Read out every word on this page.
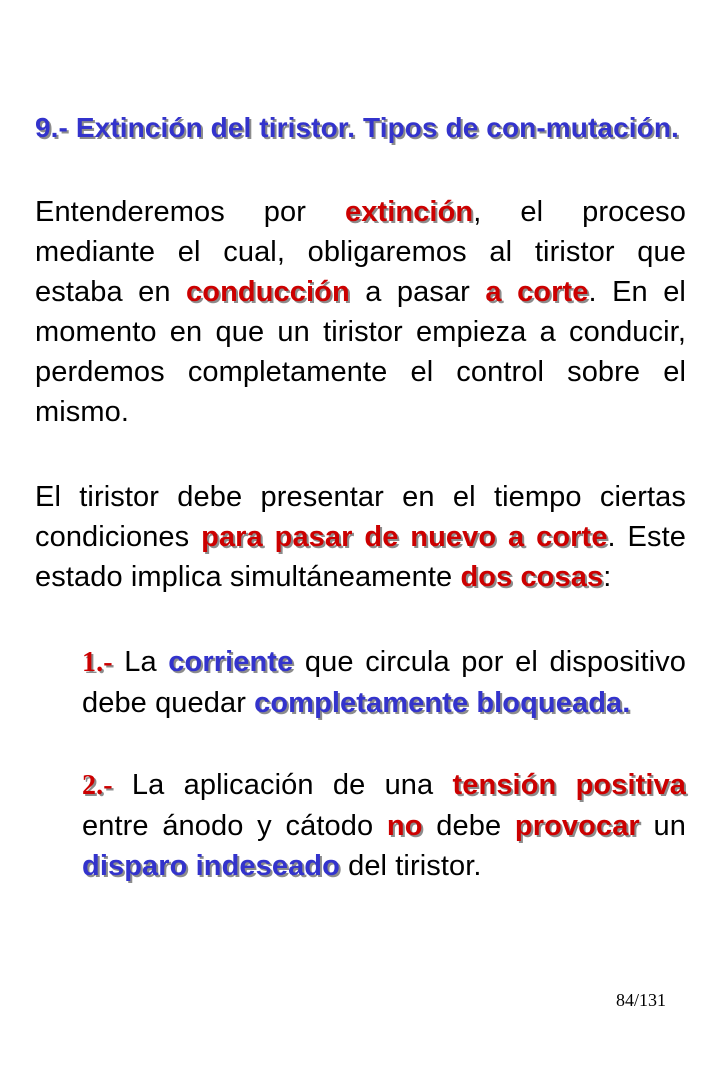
9.- Extinción del tiristor. Tipos de con-mutación.

Entenderemos por extinción, el proceso mediante el cual, obligaremos al tiristor que estaba en conducción a pasar a corte. En el momento en que un tiristor empieza a conducir, perdemos completamente el control sobre el mismo.

El tiristor debe presentar en el tiempo ciertas condiciones para pasar de nuevo a corte. Este estado implica simultáneamente dos cosas:

1.- La corriente que circula por el dispositivo debe quedar completamente bloqueada.

2.- La aplicación de una tensión positiva entre ánodo y cátodo no debe provocar un disparo indeseado del tiristor.

84/131
